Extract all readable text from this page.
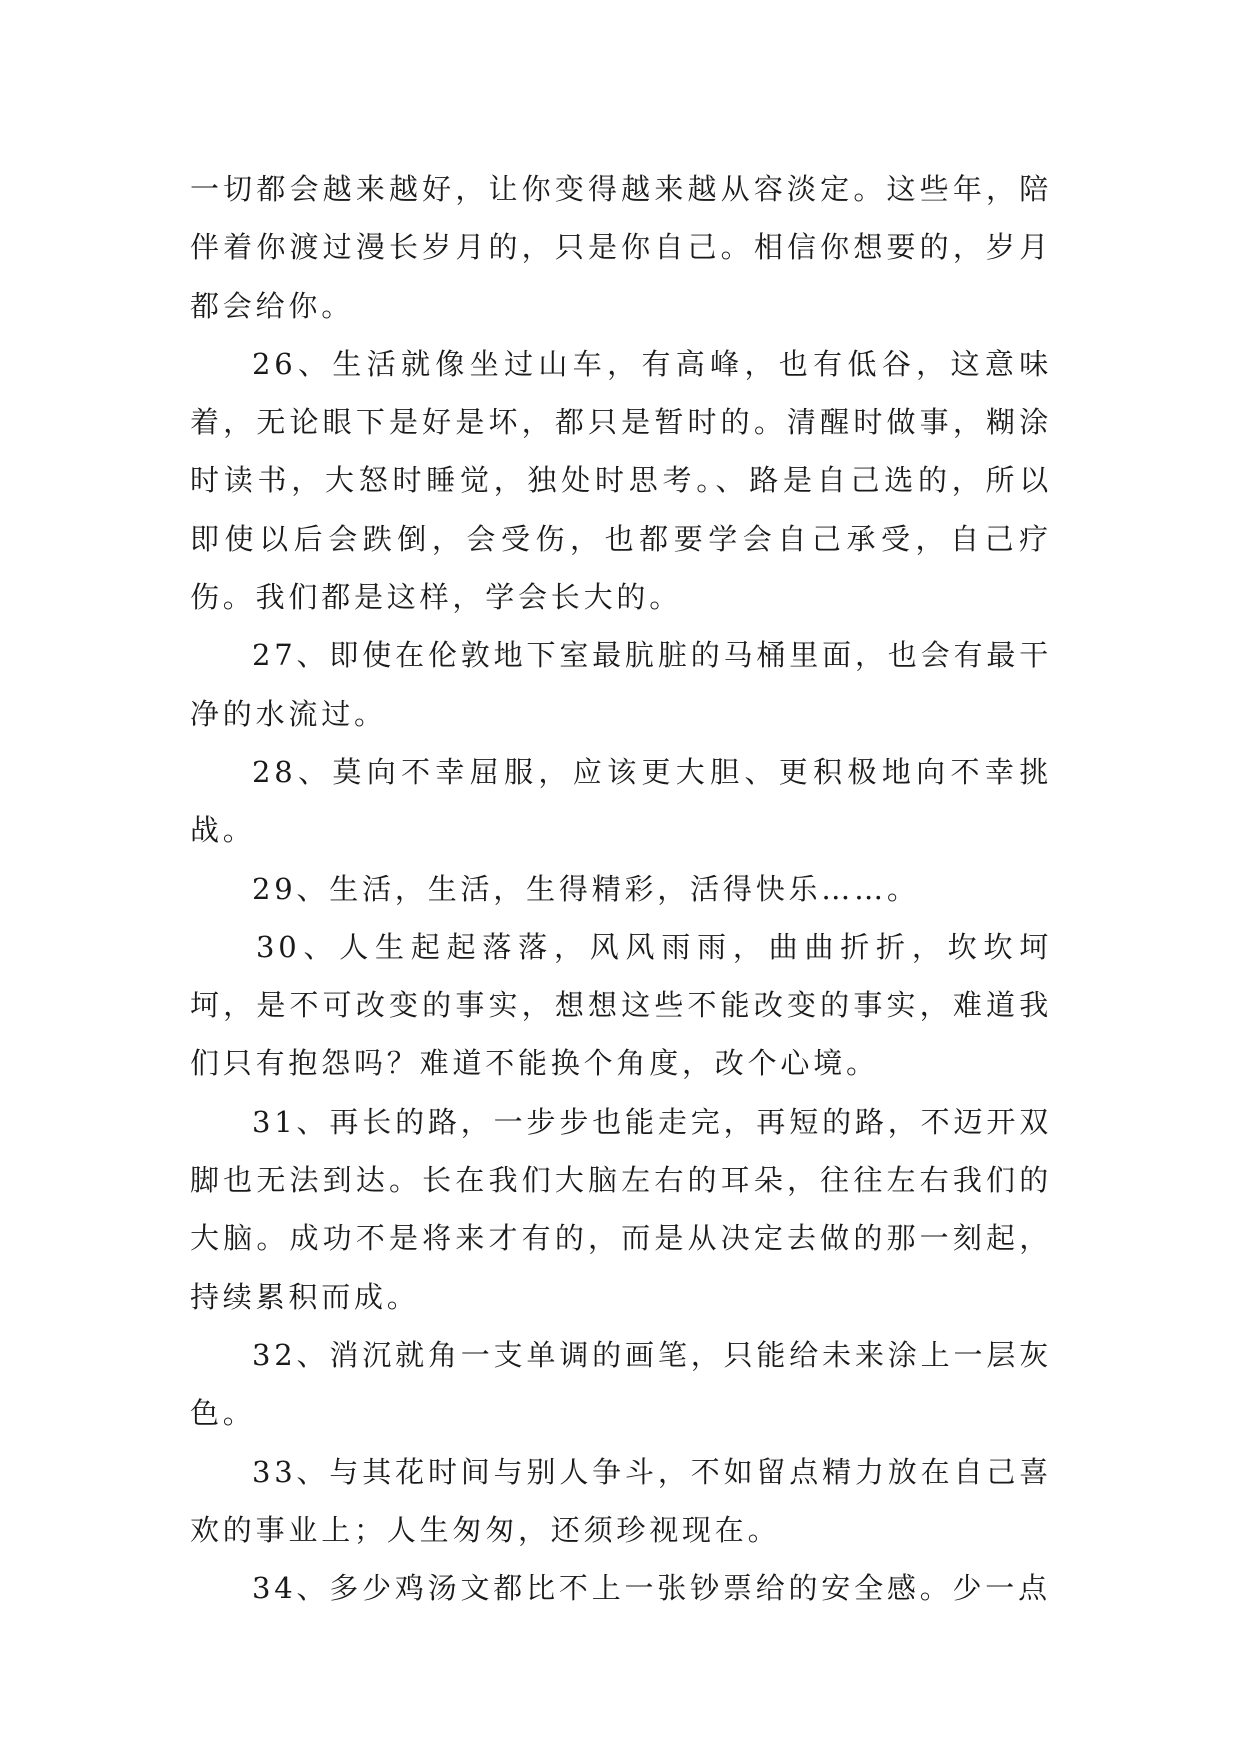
一切都会越来越好，让你变得越来越从容淡定。这些年，陪伴着你渡过漫长岁月的，只是你自己。相信你想要的，岁月都会给你。

26、生活就像坐过山车，有高峰，也有低谷，这意味着，无论眼下是好是坏，都只是暂时的。清醒时做事，糊涂时读书，大怒时睡觉，独处时思考。、路是自己选的，所以即使以后会跌倒，会受伤，也都要学会自己承受，自己疗伤。我们都是这样，学会长大的。

27、即使在伦敦地下室最肮脏的马桶里面，也会有最干净的水流过。

28、莫向不幸屈服，应该更大胆、更积极地向不幸挑战。

29、生活，生活，生得精彩，活得快乐……。

30、人生起起落落，风风雨雨，曲曲折折，坎坎坷坷，是不可改变的事实，想想这些不能改变的事实，难道我们只有抱怨吗？难道不能换个角度，改个心境。

31、再长的路，一步步也能走完，再短的路，不迈开双脚也无法到达。长在我们大脑左右的耳朵，往往左右我们的大脑。成功不是将来才有的，而是从决定去做的那一刻起，持续累积而成。

32、消沉就角一支单调的画笔，只能给未来涂上一层灰色。

33、与其花时间与别人争斗，不如留点精力放在自己喜欢的事业上；人生匆匆，还须珍视现在。

34、多少鸡汤文都比不上一张钞票给的安全感。少一点
